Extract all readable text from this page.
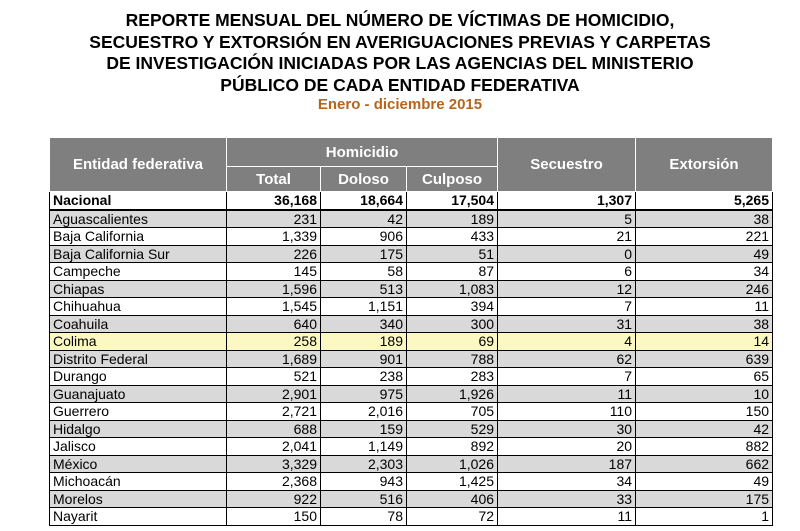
REPORTE MENSUAL DEL NÚMERO DE VÍCTIMAS DE HOMICIDIO,
SECUESTRO Y EXTORSIÓN EN AVERIGUACIONES PREVIAS Y CARPETAS
DE INVESTIGACIÓN INICIADAS POR LAS AGENCIAS DEL MINISTERIO
PÚBLICO DE CADA ENTIDAD FEDERATIVA
Enero - diciembre 2015
Entidad federativa	Homicidio			Secuestro	Extorsión
	Total	Doloso	Culposo		
Nacional	36,168	18,664	17,504	1,307	5,265
Aguascalientes	231	42	189	5	38
Baja California	1,339	906	433	21	221
Baja California Sur	226	175	51	0	49
Campeche	145	58	87	6	34
Chiapas	1,596	513	1,083	12	246
Chihuahua	1,545	1,151	394	7	11
Coahuila	640	340	300	31	38
Colima	258	189	69	4	14
Distrito Federal	1,689	901	788	62	639
Durango	521	238	283	7	65
Guanajuato	2,901	975	1,926	11	10
Guerrero	2,721	2,016	705	110	150
Hidalgo	688	159	529	30	42
Jalisco	2,041	1,149	892	20	882
México	3,329	2,303	1,026	187	662
Michoacán	2,368	943	1,425	34	49
Morelos	922	516	406	33	175
Nayarit	150	78	72	11	1
